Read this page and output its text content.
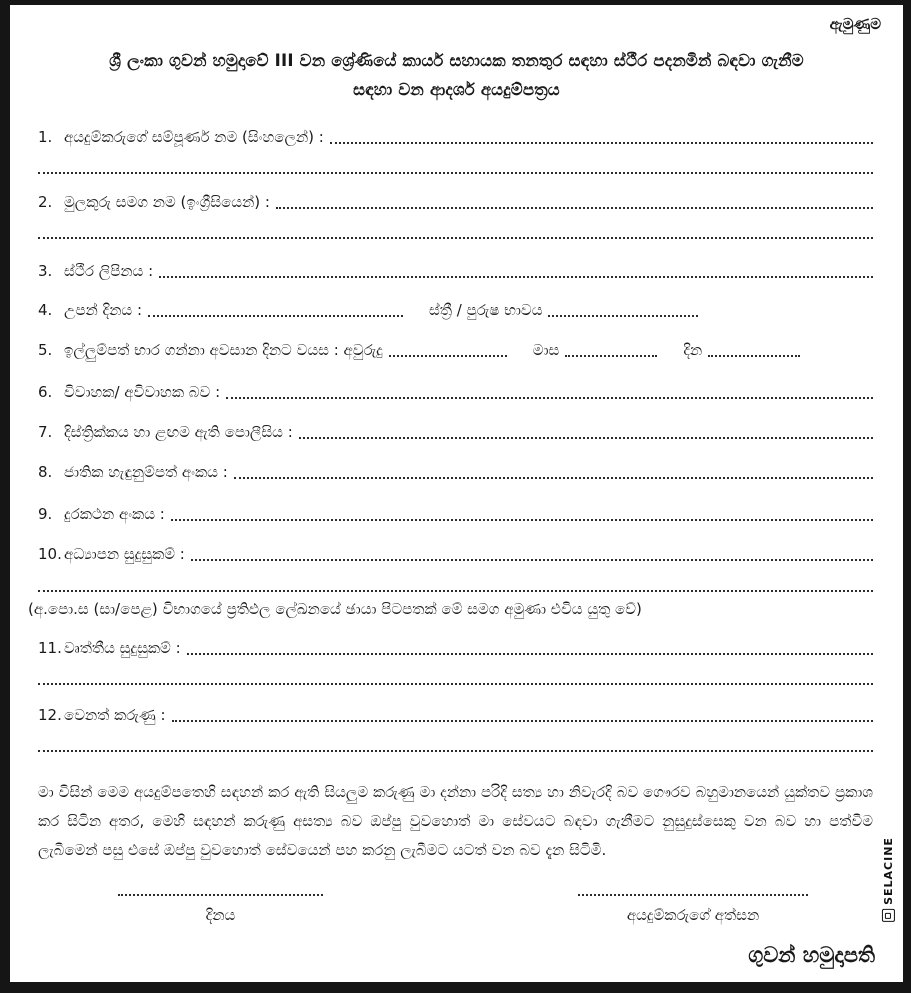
ඇමුණුම
ශ්‍රී ලංකා ගුවන් හමුදාවේ III වන ශ්‍රේණියේ කාර්ය සහායක තනතුර සඳහා ස්ථීර පදනමින් බඳවා ගැනීම
සඳහා වන ආදර්ශ අයදුම්පත්‍රය
1. අයදුම්කරුගේ සම්පූර්ණ නම (සිංහලෙන්) :
2. මුලකුරු සමග නම (ඉංග්‍රීසියෙන්) :
3. ස්ථීර ලිපිනය :
4. උපන් දිනය :	ස්ත්‍රී / පුරුෂ භාවය
5. ඉල්ලුම්පත් භාර ගන්නා අවසාන දිනට වයස : අවුරුදු	මාස	දින
6. විවාහක/ අවිවාහක බව :
7. දිස්ත්‍රික්කය හා ළඟම ඇති පොලීසිය :
8. ජාතික හැඳුනුම්පත් අංකය :
9. දුරකථන අංකය :
10. අධ්‍යාපන සුදුසුකම් :
(අ.පො.ස (සා/පෙළ) විභාගයේ ප්‍රතිඵල ලේඛනයේ ඡායා පිටපතක් මේ සමග අමුණා එවිය යුතු වේ)
11. වෘත්තීය සුදුසුකම් :
12. වෙනත් කරුණු :
මා විසින් මෙම අයදුම්පතෙහි සඳහන් කර ඇති සියලුම කරුණු මා දන්නා පරිදි සත්‍ය හා නිවැරදි බව ගෞරව බහුමානයෙන් යුක්තව ප්‍රකාශ කර සිටින අතර, මෙහි සඳහන් කරුණු අසත්‍ය බව ඔප්පු වුවහොත් මා සේවයට බඳවා ගැනීමට නුසුදුස්සෙකු වන බව හා පත්වීම ලැබීමෙන් පසු එසේ ඔප්පු වුවහොත් සේවයෙන් පහ කරනු ලැබීමට යටත් වන බව දැන සිටිමි.
දිනය	අයදුම්කරුගේ අත්සන
SELACINE
ගුවන් හමුදාපති
